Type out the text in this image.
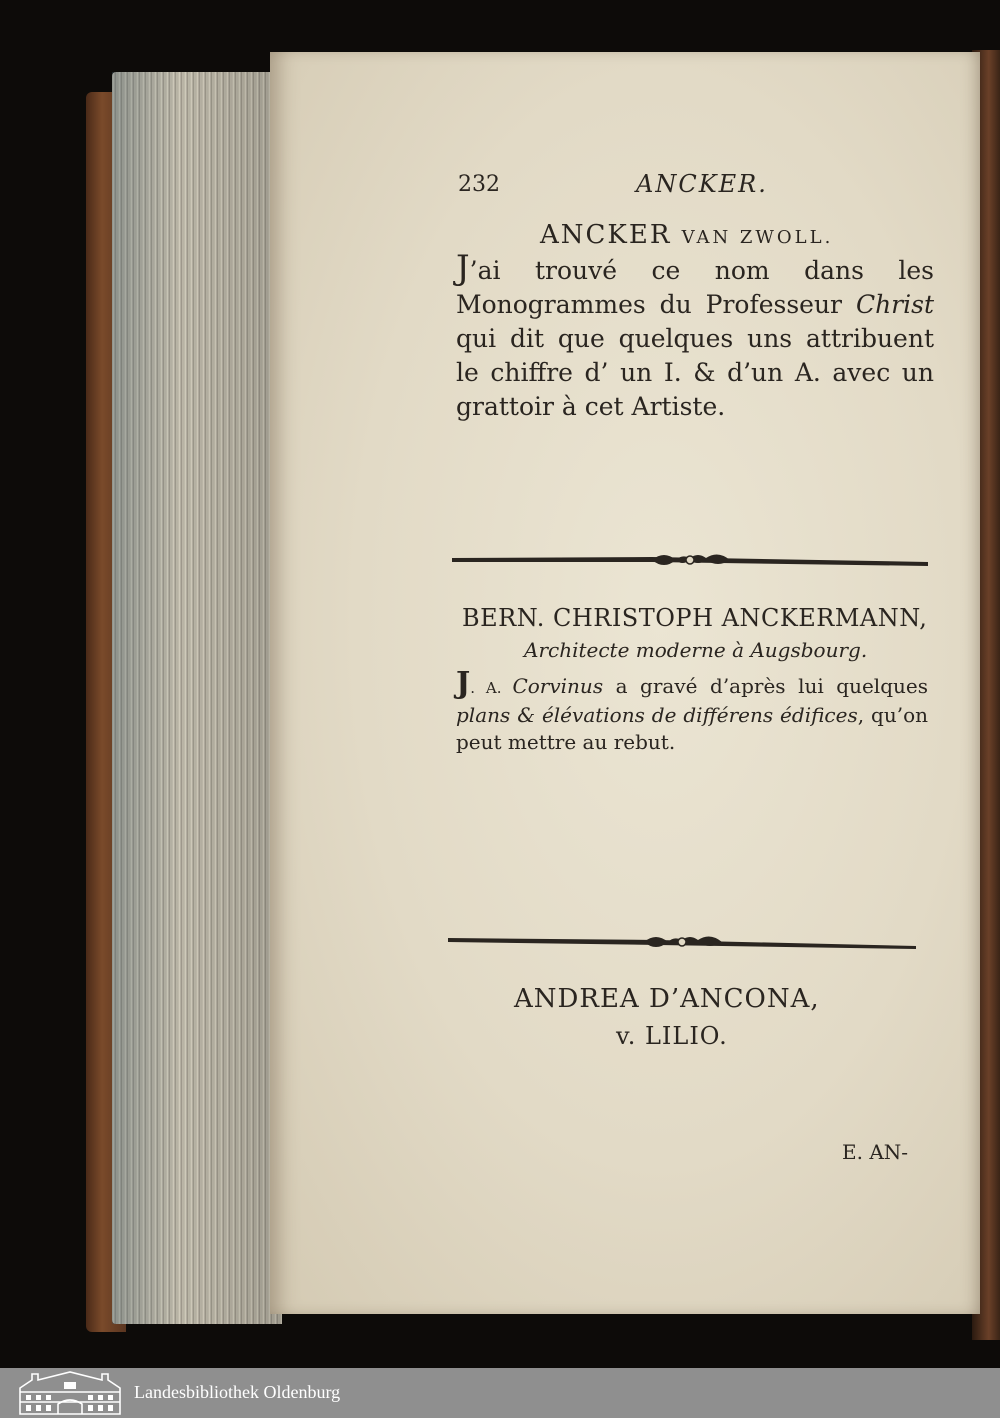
232	ANCKER.
ANCKER VAN ZWOLL.
J’ai trouvé ce nom dans les Monogrammes du Professeur Christ qui dit que quelques uns attribuent le chiffre d’ un I. & d’un A. avec un grattoir à cet Artiste.
BERN. CHRISTOPH ANCKERMANN,
Architecte moderne à Augsbourg.
J. A. Corvinus a gravé d’après lui quelques plans & élévations de différens édifices, qu’on peut mettre au rebut.
ANDREA D’ANCONA,
v. LILIO.
E. AN-
Landesbibliothek Oldenburg
